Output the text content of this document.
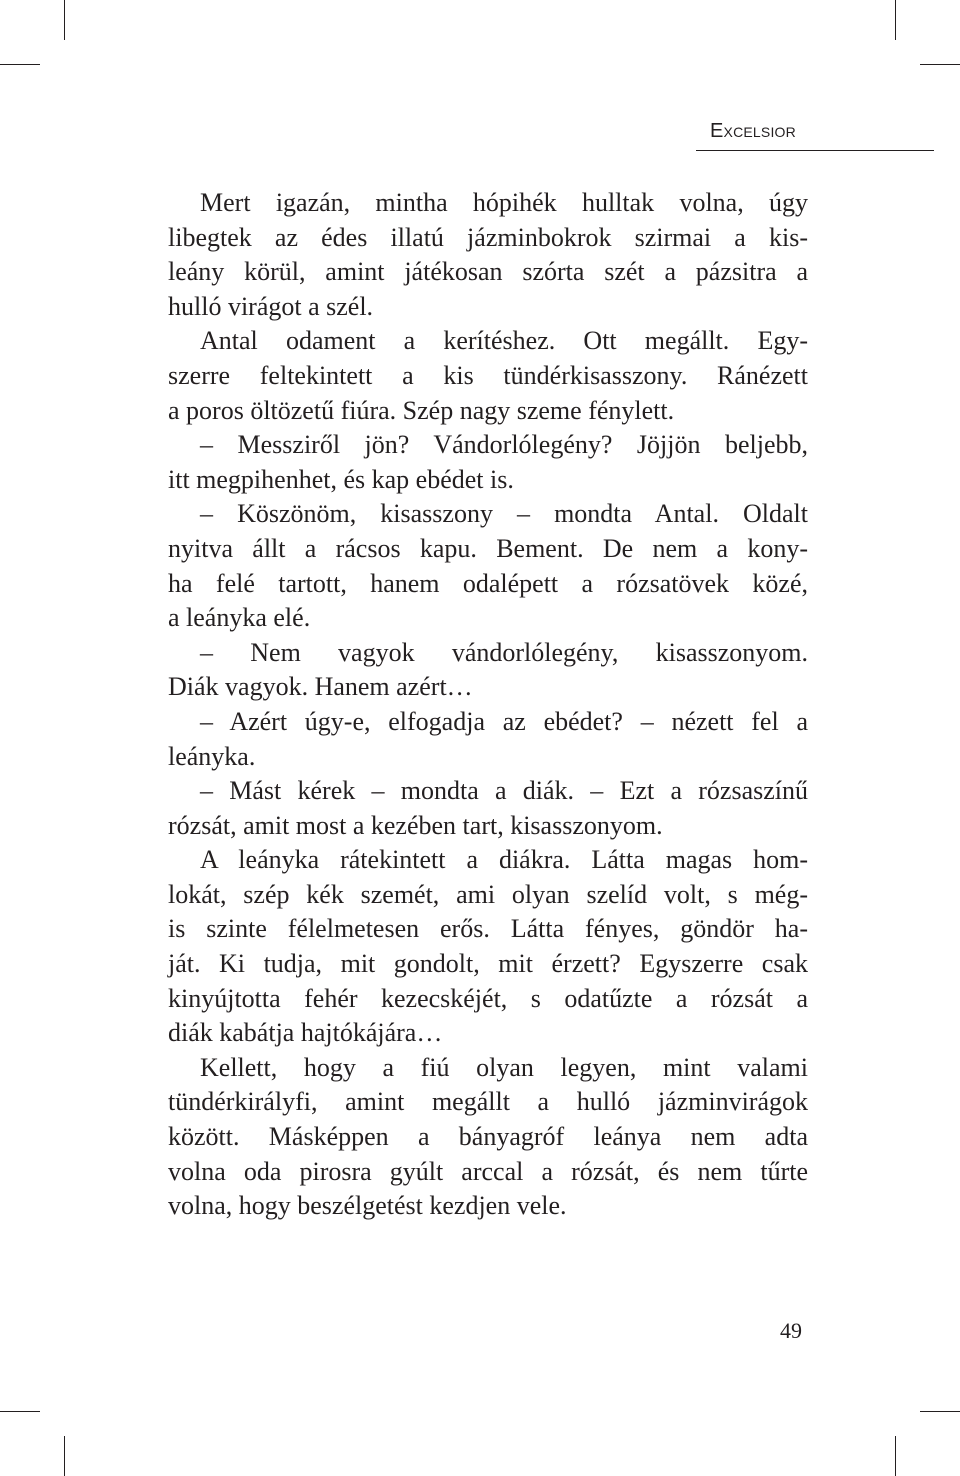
Excelsior
Mert igazán, mintha hópihék hulltak volna, úgy
libegtek az édes illatú jázminbokrok szirmai a kis-
leány körül, amint játékosan szórta szét a pázsitra a
hulló virágot a szél.
Antal odament a kerítéshez. Ott megállt. Egy-
szerre feltekintett a kis tündérkisasszony. Ránézett
a poros öltözetű fiúra. Szép nagy szeme fénylett.
– Messziről jön? Vándorlólegény? Jöjjön beljebb,
itt megpihenhet, és kap ebédet is.
– Köszönöm, kisasszony – mondta Antal. Oldalt
nyitva állt a rácsos kapu. Bement. De nem a kony-
ha felé tartott, hanem odalépett a rózsatövek közé,
a leányka elé.
– Nem vagyok vándorlólegény, kisasszonyom.
Diák vagyok. Hanem azért…
– Azért úgy-e, elfogadja az ebédet? – nézett fel a
leányka.
– Mást kérek – mondta a diák. – Ezt a rózsaszínű
rózsát, amit most a kezében tart, kisasszonyom.
A leányka rátekintett a diákra. Látta magas hom-
lokát, szép kék szemét, ami olyan szelíd volt, s még-
is szinte félelmetesen erős. Látta fényes, göndör ha-
ját. Ki tudja, mit gondolt, mit érzett? Egyszerre csak
kinyújtotta fehér kezecskéjét, s odatűzte a rózsát a
diák kabátja hajtókájára…
Kellett, hogy a fiú olyan legyen, mint valami
tündérkirályfi, amint megállt a hulló jázminvirágok
között. Másképpen a bányagróf leánya nem adta
volna oda pirosra gyúlt arccal a rózsát, és nem tűrte
volna, hogy beszélgetést kezdjen vele.
49
